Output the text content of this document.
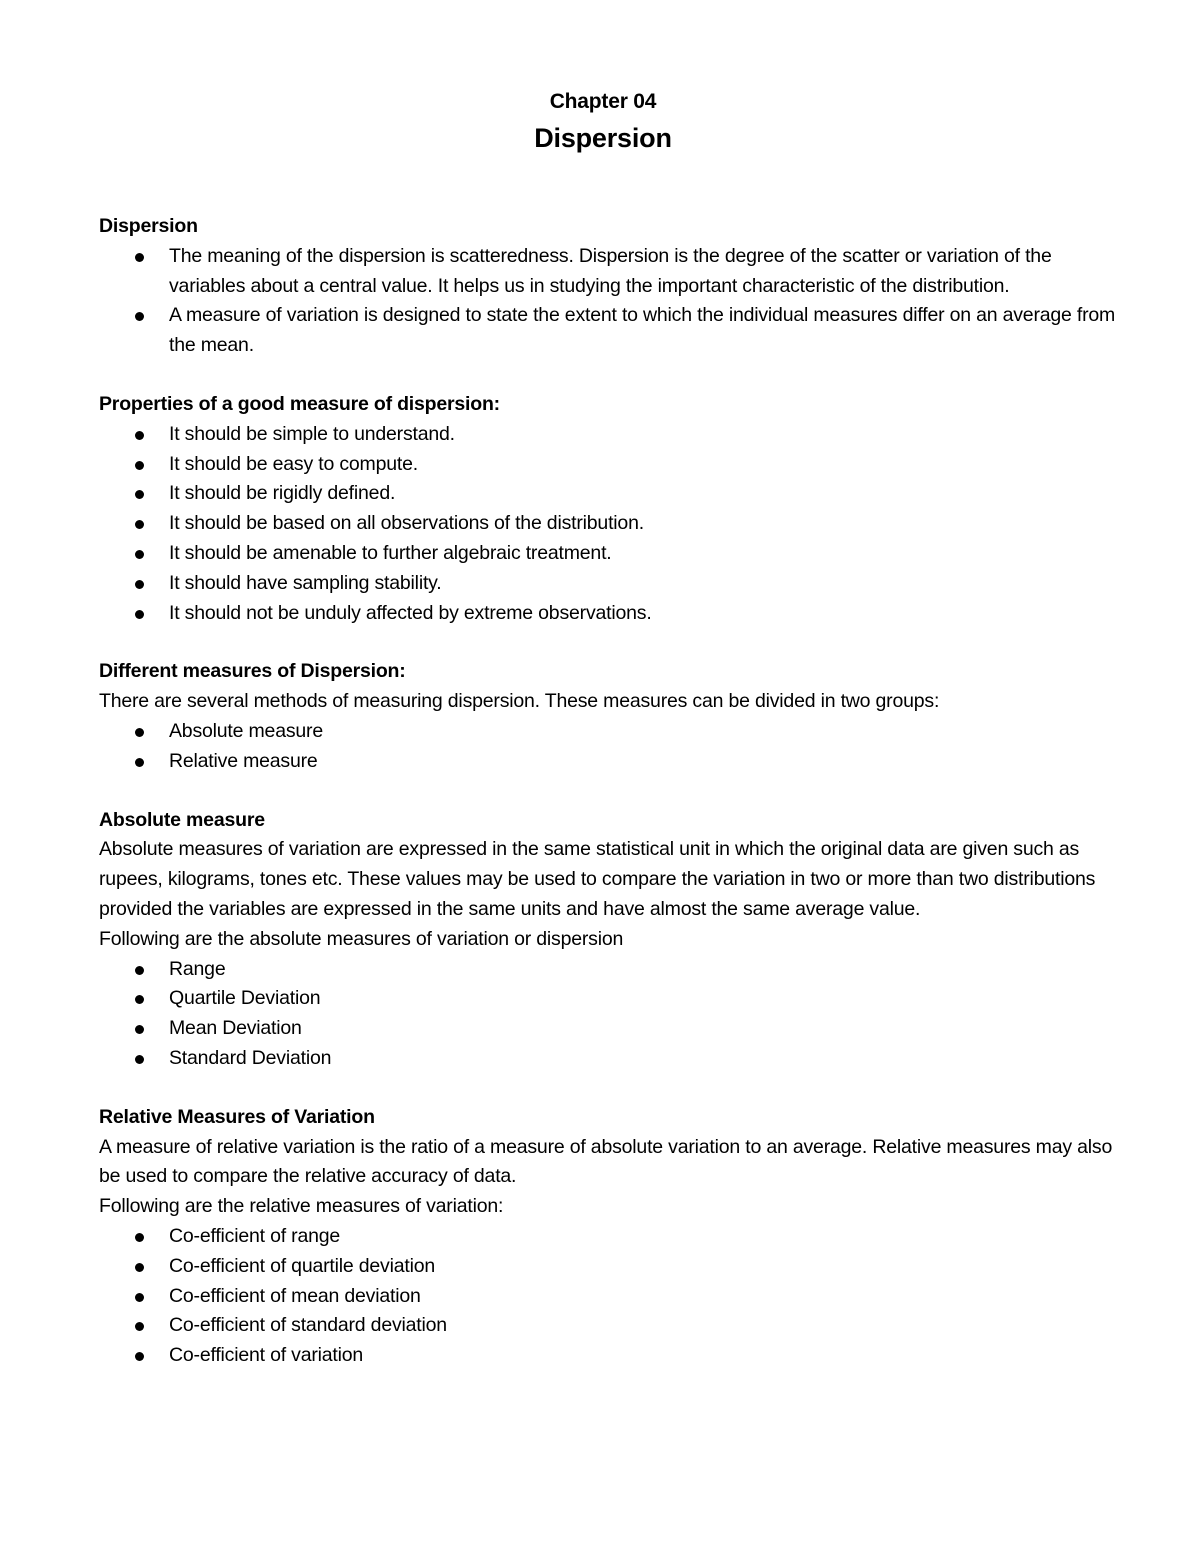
Chapter 04

Dispersion

Dispersion

The meaning of the dispersion is scatteredness. Dispersion is the degree of the scatter or variation of the variables about a central value. It helps us in studying the important characteristic of the distribution.
A measure of variation is designed to state the extent to which the individual measures differ on an average from the mean.

Properties of a good measure of dispersion:

It should be simple to understand.
It should be easy to compute.
It should be rigidly defined.
It should be based on all observations of the distribution.
It should be amenable to further algebraic treatment.
It should have sampling stability.
It should not be unduly affected by extreme observations.

Different measures of Dispersion:

There are several methods of measuring dispersion. These measures can be divided in two groups:

Absolute measure
Relative measure

Absolute measure

Absolute measures of variation are expressed in the same statistical unit in which the original data are given such as rupees, kilograms, tones etc. These values may be used to compare the variation in two or more than two distributions provided the variables are expressed in the same units and have almost the same average value.

Following are the absolute measures of variation or dispersion

Range
Quartile Deviation
Mean Deviation
Standard Deviation

Relative Measures of Variation

A measure of relative variation is the ratio of a measure of absolute variation to an average. Relative measures may also be used to compare the relative accuracy of data.

Following are the relative measures of variation:

Co-efficient of range
Co-efficient of quartile deviation
Co-efficient of mean deviation
Co-efficient of standard deviation
Co-efficient of variation
